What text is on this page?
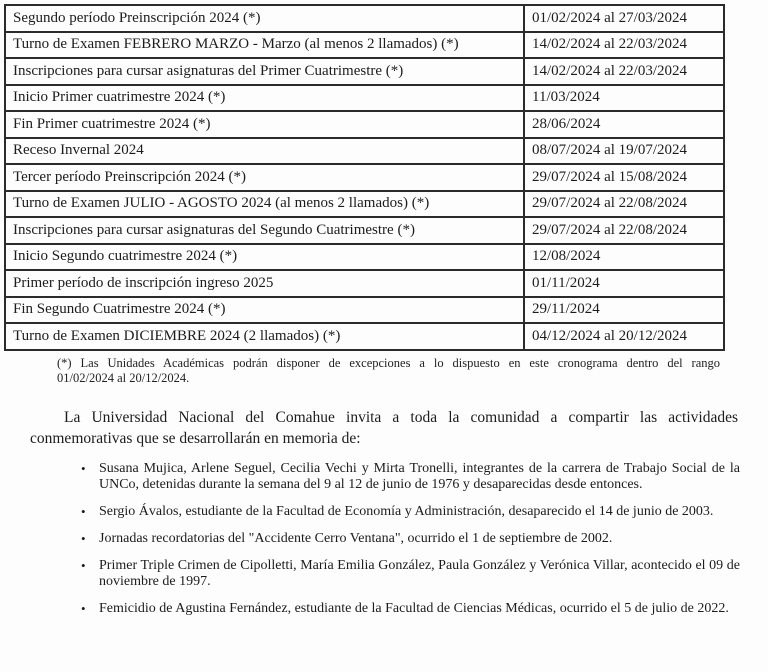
Segundo período Preinscripción 2024 (*)	01/02/2024 al 27/03/2024
Turno de Examen FEBRERO MARZO - Marzo (al menos 2 llamados) (*)	14/02/2024 al 22/03/2024
Inscripciones para cursar asignaturas del Primer Cuatrimestre (*)	14/02/2024 al 22/03/2024
Inicio Primer cuatrimestre 2024 (*)	11/03/2024
Fin Primer cuatrimestre 2024 (*)	28/06/2024
Receso Invernal 2024	08/07/2024 al 19/07/2024
Tercer período Preinscripción 2024 (*)	29/07/2024 al 15/08/2024
Turno de Examen JULIO - AGOSTO 2024 (al menos 2 llamados) (*)	29/07/2024 al 22/08/2024
Inscripciones para cursar asignaturas del Segundo Cuatrimestre (*)	29/07/2024 al 22/08/2024
Inicio Segundo cuatrimestre 2024 (*)	12/08/2024
Primer período de inscripción ingreso 2025	01/11/2024
Fin Segundo Cuatrimestre 2024 (*)	29/11/2024
Turno de Examen DICIEMBRE 2024 (2 llamados) (*)	04/12/2024 al 20/12/2024
(*) Las Unidades Académicas podrán disponer de excepciones a lo dispuesto en este cronograma dentro del rango
01/02/2024 al 20/12/2024.

La Universidad Nacional del Comahue invita a toda la comunidad a compartir las actividades conmemorativas que se desarrollarán en memoria de:

• Susana Mujica, Arlene Seguel, Cecilia Vechi y Mirta Tronelli, integrantes de la carrera de Trabajo Social de la UNCo, detenidas durante la semana del 9 al 12 de junio de 1976 y desaparecidas desde entonces.
• Sergio Ávalos, estudiante de la Facultad de Economía y Administración, desaparecido el 14 de junio de 2003.
• Jornadas recordatorias del "Accidente Cerro Ventana", ocurrido el 1 de septiembre de 2002.
• Primer Triple Crimen de Cipolletti, María Emilia González, Paula González y Verónica Villar, acontecido el 09 de noviembre de 1997.
• Femicidio de Agustina Fernández, estudiante de la Facultad de Ciencias Médicas, ocurrido el 5 de julio de 2022.
